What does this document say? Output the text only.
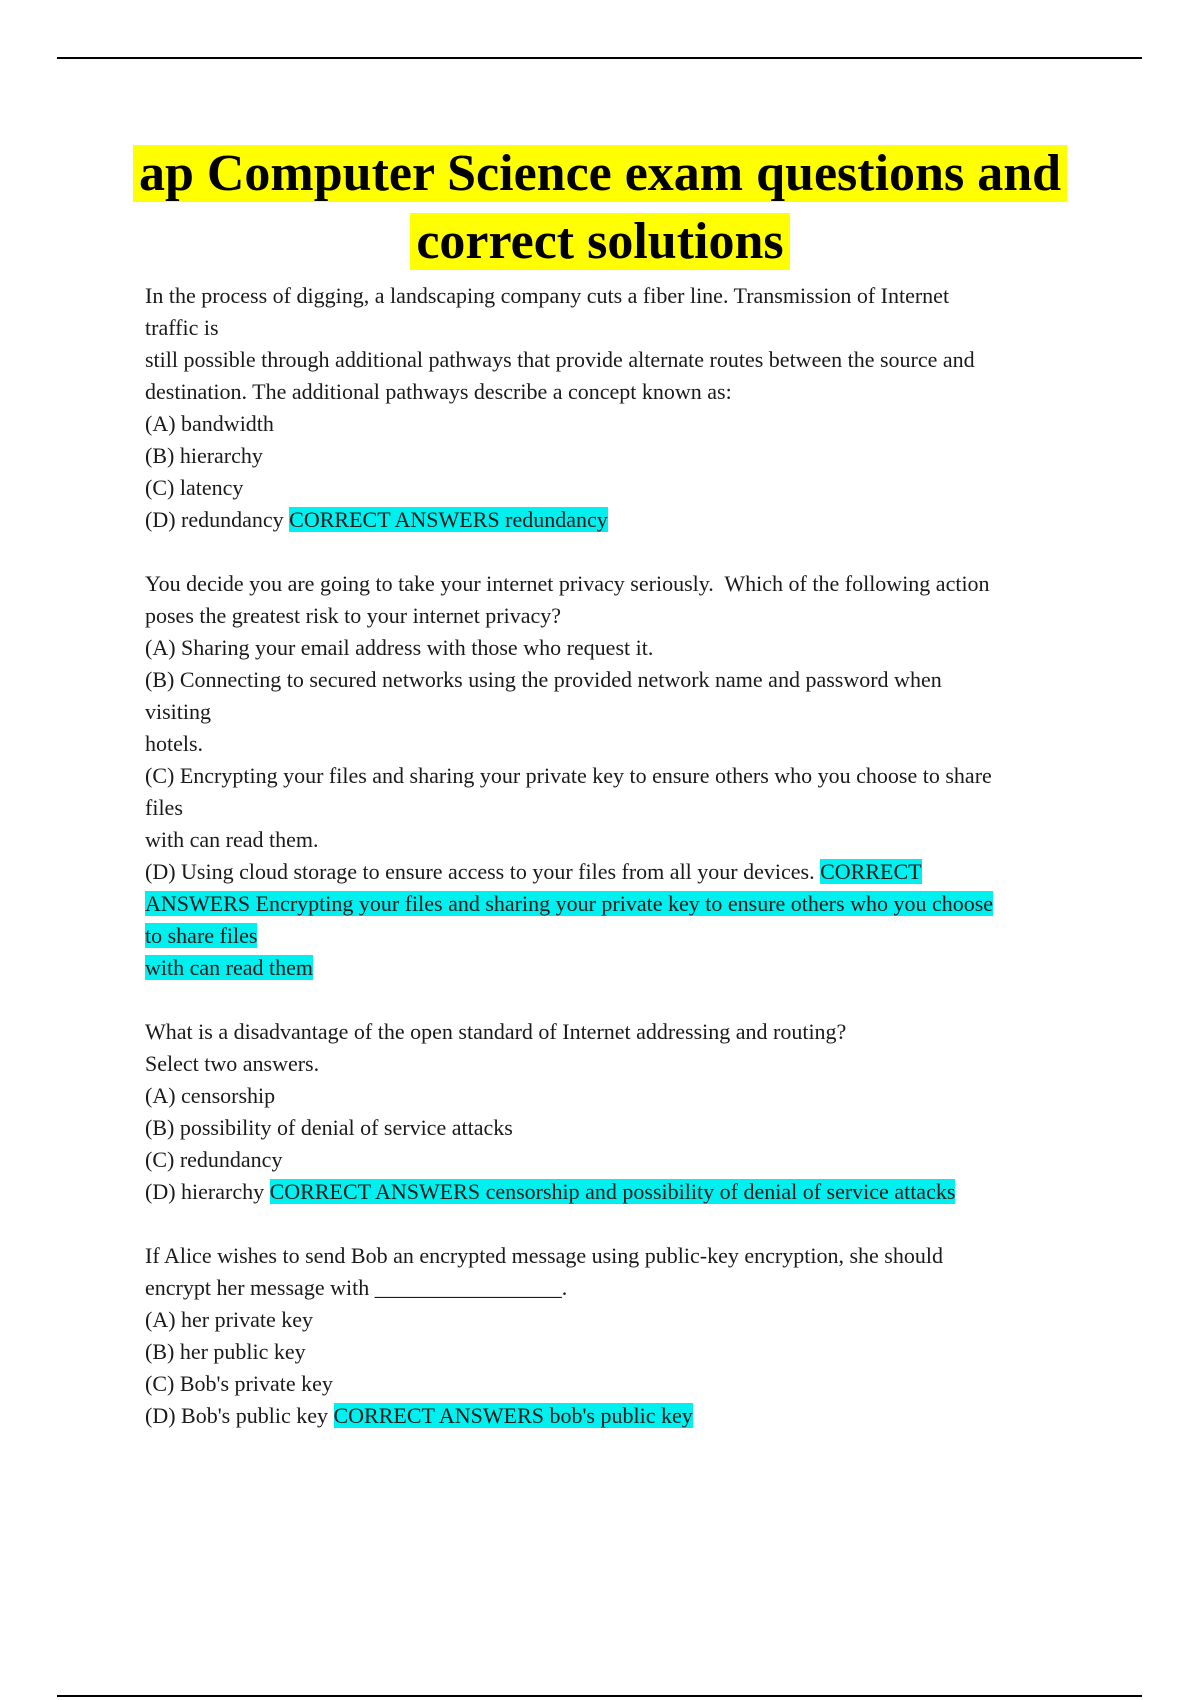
ap Computer Science exam questions and
correct solutions
In the process of digging, a landscaping company cuts a fiber line. Transmission of Internet
traffic is
still possible through additional pathways that provide alternate routes between the source and
destination. The additional pathways describe a concept known as:
(A) bandwidth
(B) hierarchy
(C) latency
(D) redundancy CORRECT ANSWERS redundancy
You decide you are going to take your internet privacy seriously.  Which of the following action
poses the greatest risk to your internet privacy?
(A) Sharing your email address with those who request it.
(B) Connecting to secured networks using the provided network name and password when
visiting
hotels.
(C) Encrypting your files and sharing your private key to ensure others who you choose to share
files
with can read them.
(D) Using cloud storage to ensure access to your files from all your devices. CORRECT
ANSWERS Encrypting your files and sharing your private key to ensure others who you choose
to share files
with can read them
What is a disadvantage of the open standard of Internet addressing and routing?
Select two answers.
(A) censorship
(B) possibility of denial of service attacks
(C) redundancy
(D) hierarchy CORRECT ANSWERS censorship and possibility of denial of service attacks
If Alice wishes to send Bob an encrypted message using public-key encryption, she should
encrypt her message with _________________.
(A) her private key
(B) her public key
(C) Bob's private key
(D) Bob's public key CORRECT ANSWERS bob's public key
